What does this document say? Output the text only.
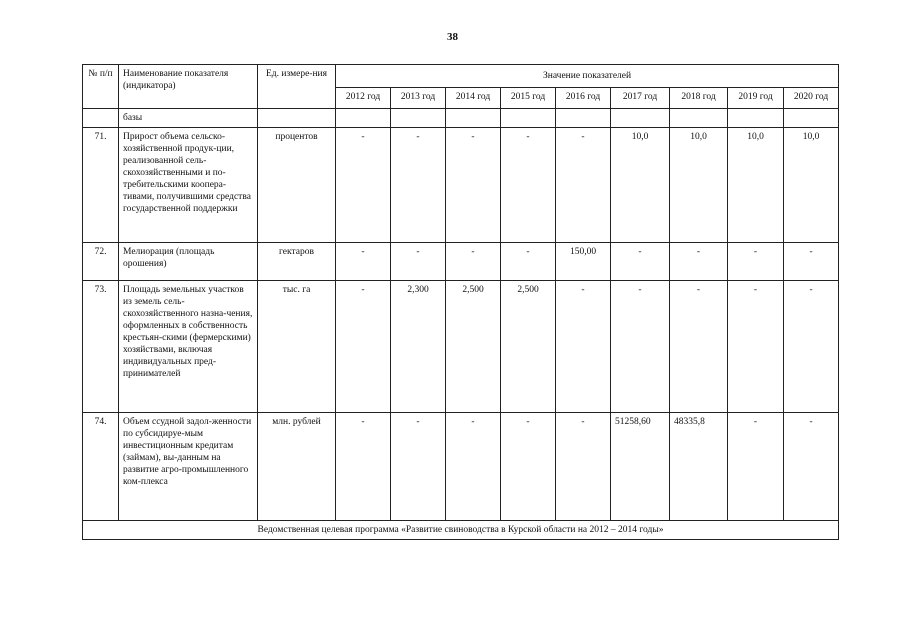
38
№ п/п	Наименование показателя (индикатора)	Ед. измере-ния	Значение показателей								
			2012 год	2013 год	2014 год	2015 год	2016 год	2017 год	2018 год	2019 год	2020 год
	базы										
71.	Прирост объема сельско-хозяйственной продук-ции, реализованной сель-скохозяйственными и по-требительскими коопера-тивами, получившими средства государственной поддержки	процентов	-	-	-	-	-	10,0	10,0	10,0	10,0
72.	Мелиорация (площадь орошения)	гектаров	-	-	-	-	150,00	-	-	-	-
73.	Площадь земельных участков из земель сель-скохозяйственного назна-чения, оформленных в собственность крестьян-скими (фермерскими) хозяйствами, включая индивидуальных пред-принимателей	тыс. га	-	2,300	2,500	2,500	-	-	-	-	-
74.	Объем ссудной задол-женности по субсидируе-мым инвестиционным кредитам (займам), вы-данным на развитие агро-промышленного ком-плекса	млн. рублей	-	-	-	-	-	51258,60	48335,8	-	-
Ведомственная целевая программа «Развитие свиноводства в Курской области на 2012 – 2014 годы»											
